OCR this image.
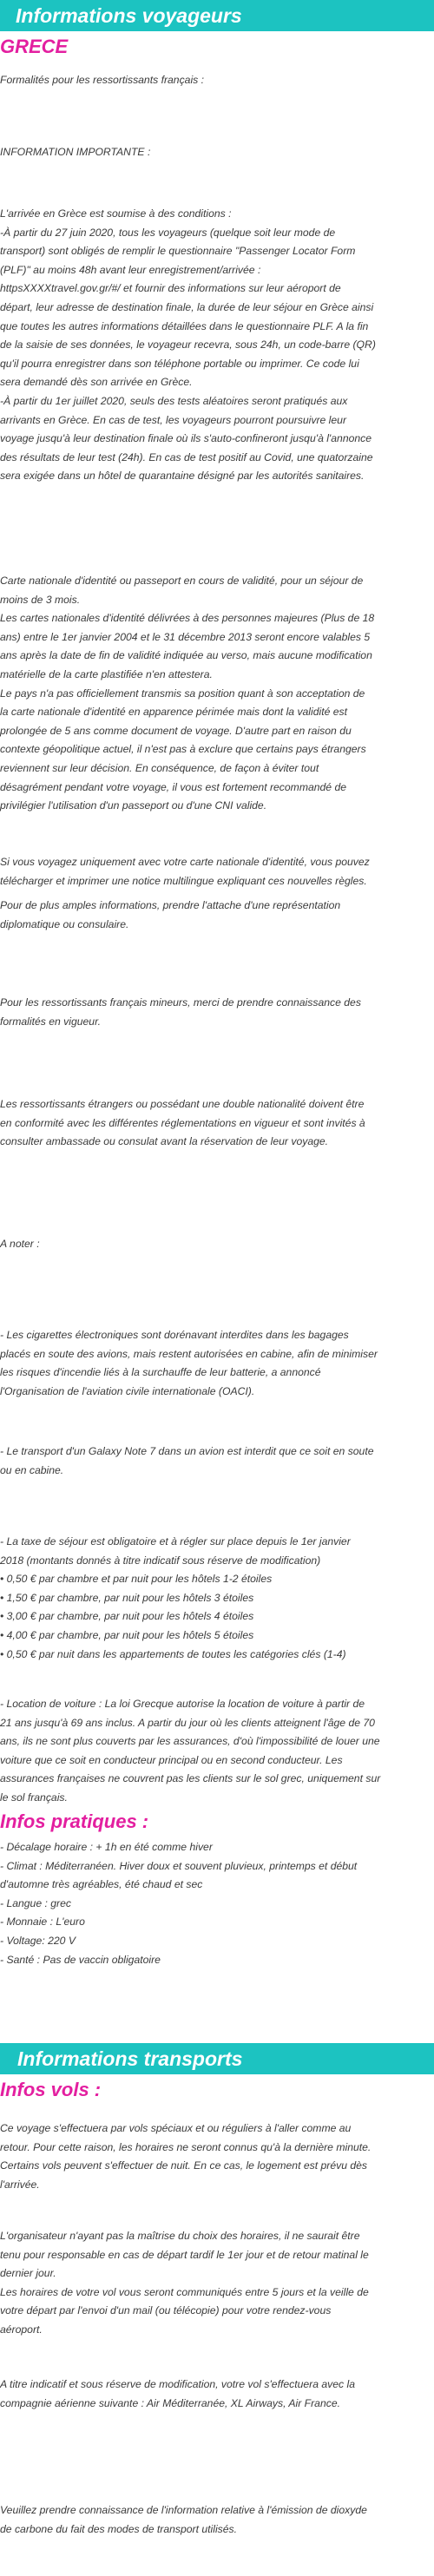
Informations voyageurs
GRECE

Formalités pour les ressortissants français :

INFORMATION IMPORTANTE :

L'arrivée en Grèce est soumise à des conditions :

-À partir du 27 juin 2020, tous les voyageurs (quelque soit leur mode de

transport) sont obligés de remplir le questionnaire "Passenger Locator Form

(PLF)" au moins 48h avant leur enregistrement/arrivée :

httpsXXXXtravel.gov.gr/#/ et fournir des informations sur leur aéroport de

départ, leur adresse de destination finale, la durée de leur séjour en Grèce ainsi

que toutes les autres informations détaillées dans le questionnaire PLF. A la fin

de la saisie de ses données, le voyageur recevra, sous 24h, un code-barre (QR)

qu'il pourra enregistrer dans son téléphone portable ou imprimer. Ce code lui

sera demandé dès son arrivée en Grèce.

-À partir du 1er juillet 2020, seuls des tests aléatoires seront pratiqués aux

arrivants en Grèce. En cas de test, les voyageurs pourront poursuivre leur

voyage jusqu'à leur destination finale où ils s'auto-confineront jusqu'à l'annonce

des résultats de leur test (24h). En cas de test positif au Covid, une quatorzaine

sera exigée dans un hôtel de quarantaine désigné par les autorités sanitaires.

Carte nationale d'identité ou passeport en cours de validité, pour un séjour de

moins de 3 mois.

Les cartes nationales d'identité délivrées à des personnes majeures (Plus de 18

ans) entre le 1er janvier 2004 et le 31 décembre 2013 seront encore valables 5

ans après la date de fin de validité indiquée au verso, mais aucune modification

matérielle de la carte plastifiée n'en attestera.

Le pays n'a pas officiellement transmis sa position quant à son acceptation de

la carte nationale d'identité en apparence périmée mais dont la validité est

prolongée de 5 ans comme document de voyage. D'autre part en raison du

contexte géopolitique actuel, il n'est pas à exclure que certains pays étrangers

reviennent sur leur décision. En conséquence, de façon à éviter tout

désagrément pendant votre voyage, il vous est fortement recommandé de

privilégier l'utilisation d'un passeport ou d'une CNI valide.

Si vous voyagez uniquement avec votre carte nationale d'identité, vous pouvez

télécharger et imprimer une notice multilingue expliquant ces nouvelles règles.

Pour de plus amples informations, prendre l'attache d'une représentation

diplomatique ou consulaire.

Pour les ressortissants français mineurs, merci de prendre connaissance des

formalités en vigueur.

Les ressortissants étrangers ou possédant une double nationalité doivent être

en conformité avec les différentes réglementations en vigueur et sont invités à

consulter ambassade ou consulat avant la réservation de leur voyage.

A noter :

- Les cigarettes électroniques sont dorénavant interdites dans les bagages

placés en soute des avions, mais restent autorisées en cabine, afin de minimiser

les risques d'incendie liés à la surchauffe de leur batterie, a annoncé

l'Organisation de l'aviation civile internationale (OACI).

- Le transport d'un Galaxy Note 7 dans un avion est interdit que ce soit en soute

ou en cabine.

- La taxe de séjour est obligatoire et à régler sur place depuis le 1er janvier

2018 (montants donnés à titre indicatif sous réserve de modification)

• 0,50 € par chambre et par nuit pour les hôtels 1-2 étoiles

• 1,50 € par chambre, par nuit pour les hôtels 3 étoiles

• 3,00 € par chambre, par nuit pour les hôtels 4 étoiles

• 4,00 € par chambre, par nuit pour les hôtels 5 étoiles

• 0,50 € par nuit dans les appartements de toutes les catégories clés (1-4)

- Location de voiture : La loi Grecque autorise la location de voiture à partir de

21 ans jusqu'à 69 ans inclus. A partir du jour où les clients atteignent l'âge de 70

ans, ils ne sont plus couverts par les assurances, d'où l'impossibilité de louer une

voiture que ce soit en conducteur principal ou en second conducteur. Les

assurances françaises ne couvrent pas les clients sur le sol grec, uniquement sur

le sol français.

Infos pratiques :

- Décalage horaire : + 1h en été comme hiver

- Climat : Méditerranéen. Hiver doux et souvent pluvieux, printemps et début

d'automne très agréables, été chaud et sec

- Langue : grec

- Monnaie : L'euro

- Voltage: 220 V

- Santé : Pas de vaccin obligatoire

Informations transports
Infos vols :

Ce voyage s'effectuera par vols spéciaux et ou réguliers à l'aller comme au

retour. Pour cette raison, les horaires ne seront connus qu'à la dernière minute.

Certains vols peuvent s'effectuer de nuit. En ce cas, le logement est prévu dès

l'arrivée.

L'organisateur n'ayant pas la maîtrise du choix des horaires, il ne saurait être

tenu pour responsable en cas de départ tardif le 1er jour et de retour matinal le

dernier jour.

Les horaires de votre vol vous seront communiqués entre 5 jours et la veille de

votre départ par l'envoi d'un mail (ou télécopie) pour votre rendez-vous

aéroport.

A titre indicatif et sous réserve de modification, votre vol s'effectuera avec la

compagnie aérienne suivante : Air Méditerranée, XL Airways, Air France.

Veuillez prendre connaissance de l'information relative à l'émission de dioxyde

de carbone du fait des modes de transport utilisés.
